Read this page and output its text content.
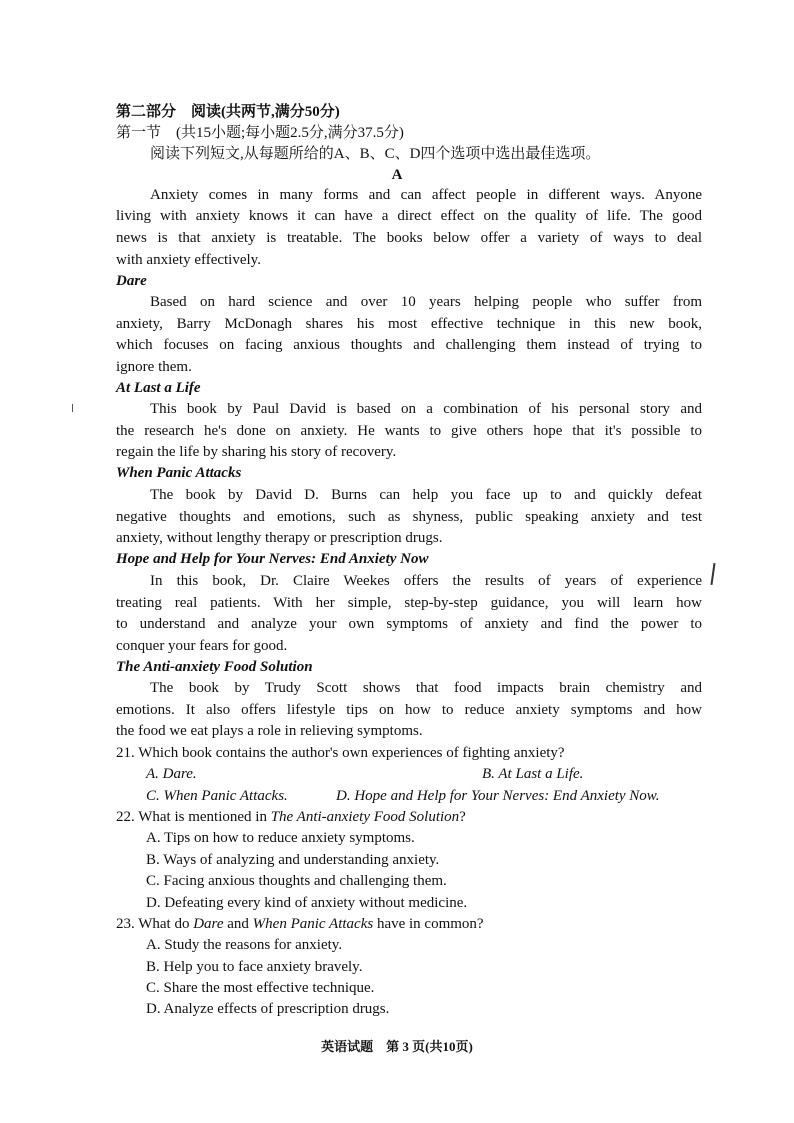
第二部分　阅读(共两节,满分50分)
第一节　(共15小题;每小题2.5分,满分37.5分)
阅读下列短文,从每题所给的A、B、C、D四个选项中选出最佳选项。
A
Anxiety comes in many forms and can affect people in different ways. Anyone
living with anxiety knows it can have a direct effect on the quality of life. The good
news is that anxiety is treatable. The books below offer a variety of ways to deal
with anxiety effectively.
Dare
Based on hard science and over 10 years helping people who suffer from
anxiety, Barry McDonagh shares his most effective technique in this new book,
which focuses on facing anxious thoughts and challenging them instead of trying to
ignore them.
At Last a Life
This book by Paul David is based on a combination of his personal story and
the research he's done on anxiety. He wants to give others hope that it's possible to
regain the life by sharing his story of recovery.
When Panic Attacks
The book by David D. Burns can help you face up to and quickly defeat
negative thoughts and emotions, such as shyness, public speaking anxiety and test
anxiety, without lengthy therapy or prescription drugs.
Hope and Help for Your Nerves: End Anxiety Now
In this book, Dr. Claire Weekes offers the results of years of experience
treating real patients. With her simple, step-by-step guidance, you will learn how
to understand and analyze your own symptoms of anxiety and find the power to
conquer your fears for good.
The Anti-anxiety Food Solution
The book by Trudy Scott shows that food impacts brain chemistry and
emotions. It also offers lifestyle tips on how to reduce anxiety symptoms and how
the food we eat plays a role in relieving symptoms.
21. Which book contains the author's own experiences of fighting anxiety?
A. Dare.	B. At Last a Life.
C. When Panic Attacks.	D. Hope and Help for Your Nerves: End Anxiety Now.
22. What is mentioned in The Anti-anxiety Food Solution?
A. Tips on how to reduce anxiety symptoms.
B. Ways of analyzing and understanding anxiety.
C. Facing anxious thoughts and challenging them.
D. Defeating every kind of anxiety without medicine.
23. What do Dare and When Panic Attacks have in common?
A. Study the reasons for anxiety.
B. Help you to face anxiety bravely.
C. Share the most effective technique.
D. Analyze effects of prescription drugs.
英语试题　第 3 页(共10页)
